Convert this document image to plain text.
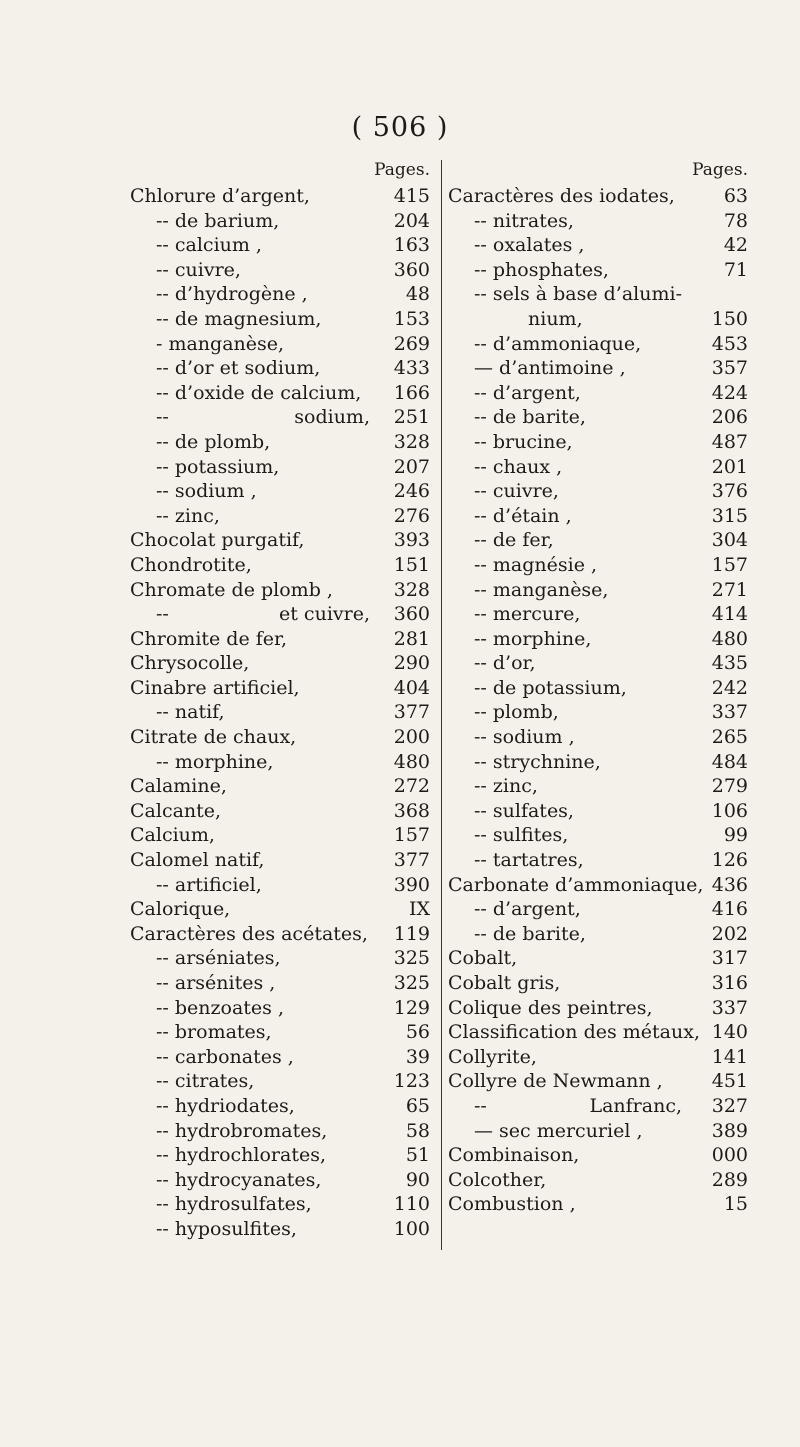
( 506 )
Pages.
Chlorure d’argent,	415
-- de barium,	204
-- calcium ,	163
-- cuivre,	360
-- d’hydrogène ,	48
-- de magnesium,	153
- manganèse,	269
-- d’or et sodium,	433
-- d’oxide de calcium, 166
--	sodium, 251
-- de plomb,	328
-- potassium,	207
-- sodium ,	246
-- zinc,	276
Chocolat purgatif,	393
Chondrotite,	151
Chromate de plomb ,	328
--	et cuivre, 360
Chromite de fer,	281
Chrysocolle,	290
Cinabre artificiel,	404
-- natif,	377
Citrate de chaux,	200
-- morphine,	480
Calamine,	272
Calcante,	368
Calcium,	157
Calomel natif,	377
-- artificiel,	390
Calorique,	IX
Caractères des acétates, 119
-- arséniates,	325
-- arsénites ,	325
-- benzoates ,	129
-- bromates,	56
-- carbonates ,	39
-- citrates,	123
-- hydriodates,	65
-- hydrobromates,	58
-- hydrochlorates,	51
-- hydrocyanates,	90
-- hydrosulfates,	110
-- hyposulfites,	100
Pages.
Caractères des iodates,	63
-- nitrates,	78
-- oxalates ,	42
-- phosphates,	71
-- sels à base d’alumi-
nium,	150
-- d’ammoniaque,	453
— d’antimoine ,	357
-- d’argent,	424
-- de barite,	206
-- brucine,	487
-- chaux ,	201
-- cuivre,	376
-- d’étain ,	315
-- de fer,	304
-- magnésie ,	157
-- manganèse,	271
-- mercure,	414
-- morphine,	480
-- d’or,	435
-- de potassium,	242
-- plomb,	337
-- sodium ,	265
-- strychnine,	484
-- zinc,	279
-- sulfates,	106
-- sulfites,	99
-- tartatres,	126
Carbonate d’ammoniaque, 436
-- d’argent,	416
-- de barite,	202
Cobalt,	317
Cobalt gris,	316
Colique des peintres,	337
Classification des métaux, 140
Collyrite,	141
Collyre de Newmann ,	451
--	Lanfranc, 327
— sec mercuriel ,	389
Combinaison,	000
Colcother,	289
Combustion ,	15
